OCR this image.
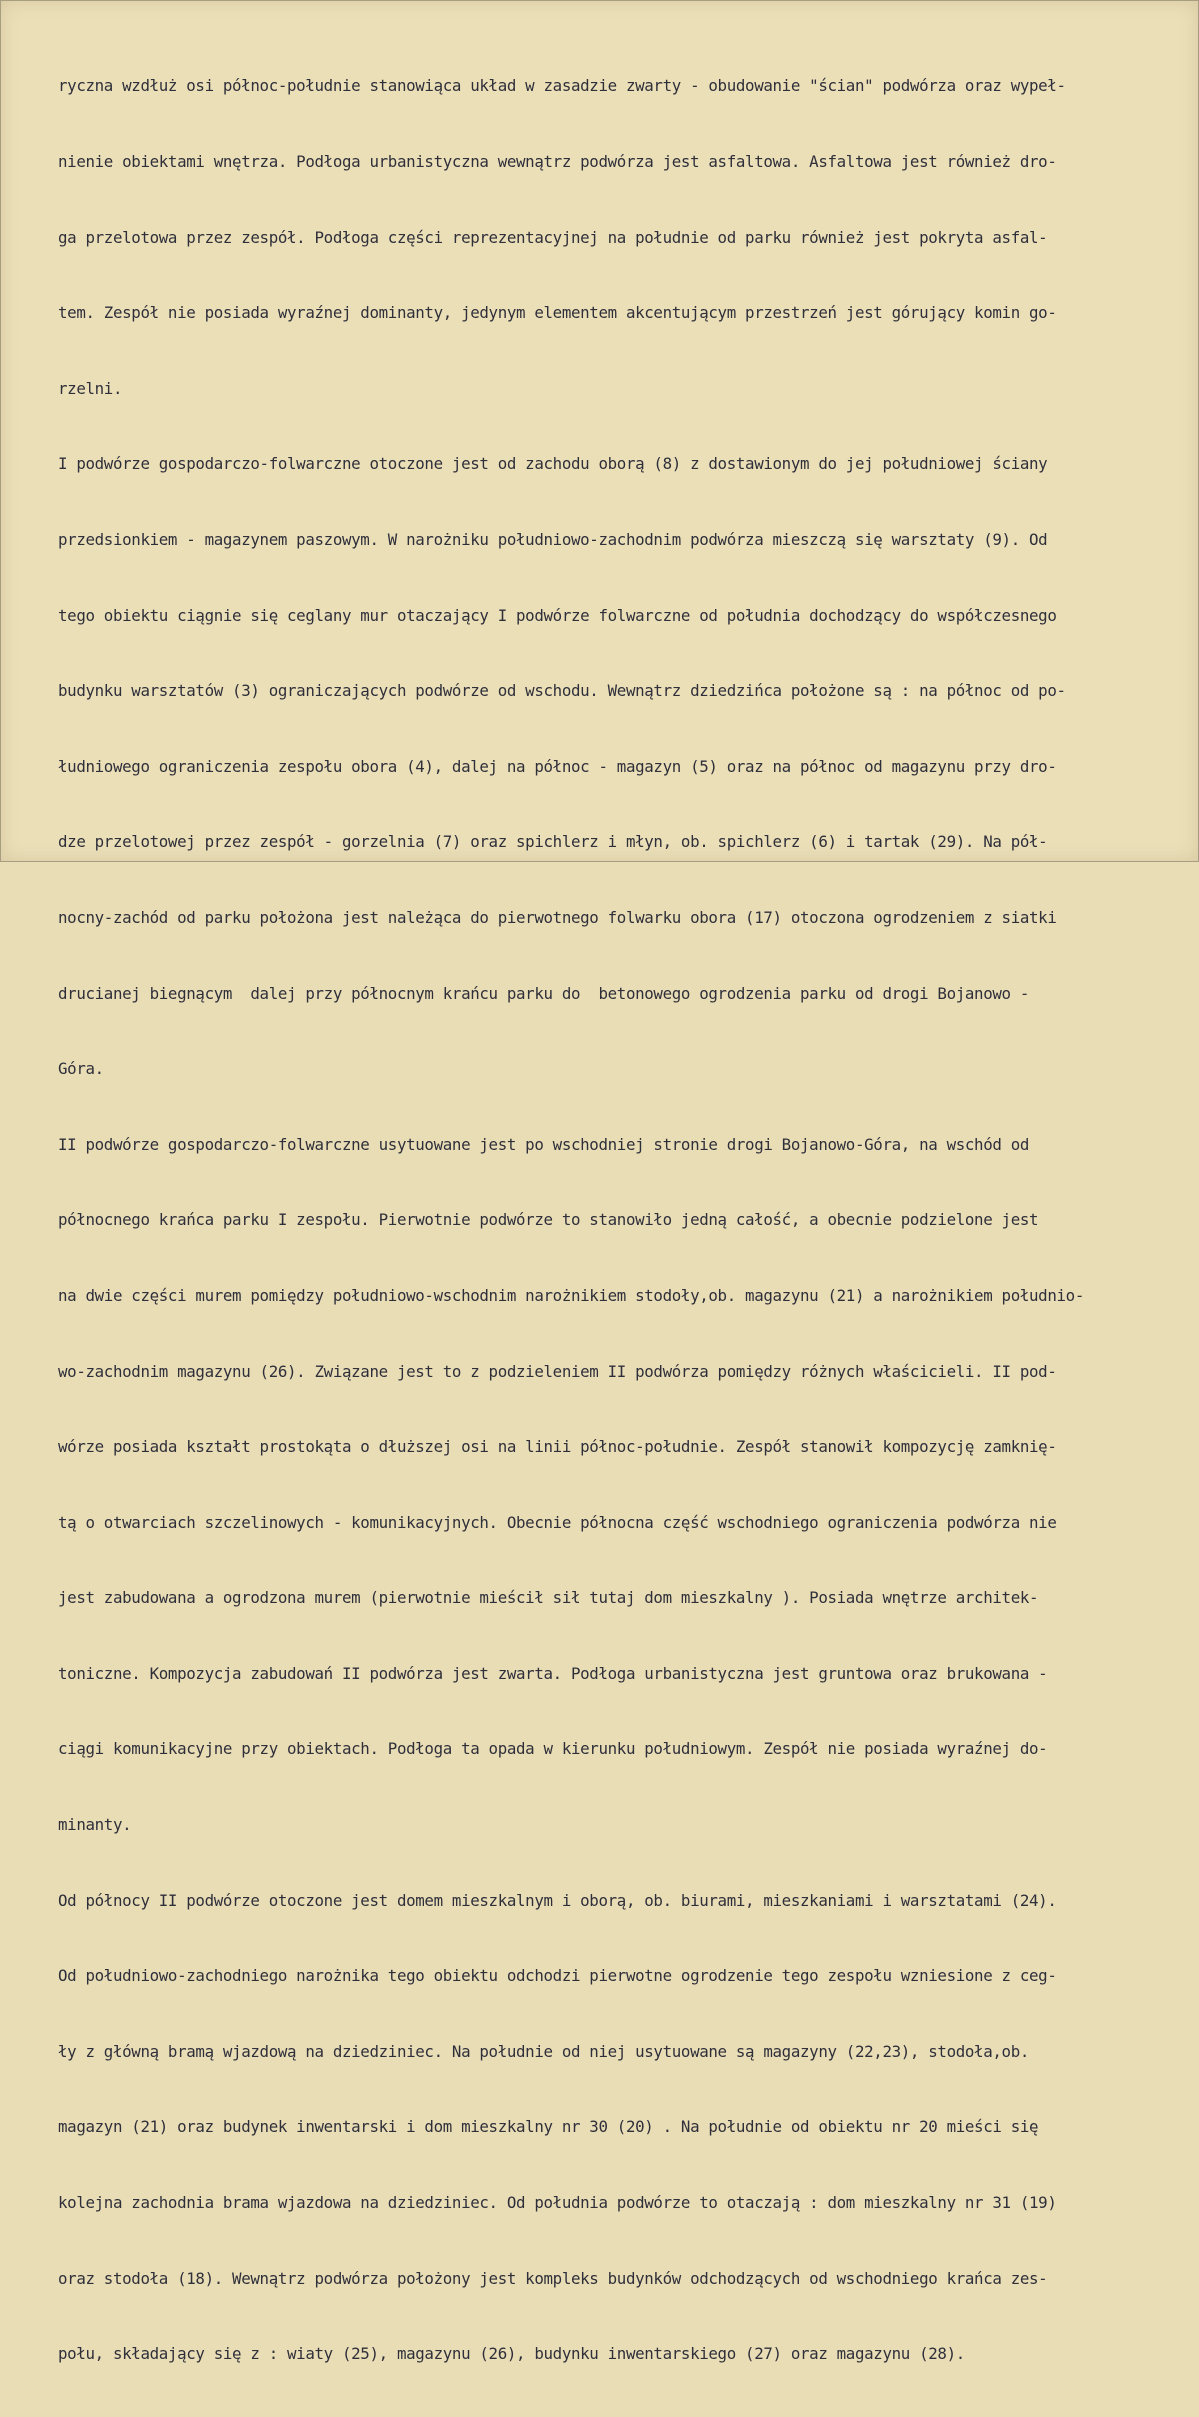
ryczna wzdłuż osi północ-południe stanowiąca układ w zasadzie zwarty - obudowanie "ścian" podwórza oraz wypeł-

nienie obiektami wnętrza. Podłoga urbanistyczna wewnątrz podwórza jest asfaltowa. Asfaltowa jest również dro-

ga przelotowa przez zespół. Podłoga części reprezentacyjnej na południe od parku również jest pokryta asfal-

tem. Zespół nie posiada wyraźnej dominanty, jedynym elementem akcentującym przestrzeń jest górujący komin go-

rzelni.

I podwórze gospodarczo-folwarczne otoczone jest od zachodu oborą (8) z dostawionym do jej południowej ściany

przedsionkiem - magazynem paszowym. W narożniku południowo-zachodnim podwórza mieszczą się warsztaty (9). Od

tego obiektu ciągnie się ceglany mur otaczający I podwórze folwarczne od południa dochodzący do współczesnego

budynku warsztatów (3) ograniczających podwórze od wschodu. Wewnątrz dziedzińca położone są : na północ od po-

łudniowego ograniczenia zespołu obora (4), dalej na północ - magazyn (5) oraz na północ od magazynu przy dro-

dze przelotowej przez zespół - gorzelnia (7) oraz spichlerz i młyn, ob. spichlerz (6) i tartak (29). Na pół-

nocny-zachód od parku położona jest należąca do pierwotnego folwarku obora (17) otoczona ogrodzeniem z siatki

drucianej biegnącym  dalej przy północnym krańcu parku do  betonowego ogrodzenia parku od drogi Bojanowo -

Góra.

II podwórze gospodarczo-folwarczne usytuowane jest po wschodniej stronie drogi Bojanowo-Góra, na wschód od

północnego krańca parku I zespołu. Pierwotnie podwórze to stanowiło jedną całość, a obecnie podzielone jest

na dwie części murem pomiędzy południowo-wschodnim narożnikiem stodoły,ob. magazynu (21) a narożnikiem południo-

wo-zachodnim magazynu (26). Związane jest to z podzieleniem II podwórza pomiędzy różnych właścicieli. II pod-

wórze posiada kształt prostokąta o dłuższej osi na linii północ-południe. Zespół stanowił kompozycję zamknię-

tą o otwarciach szczelinowych - komunikacyjnych. Obecnie północna część wschodniego ograniczenia podwórza nie

jest zabudowana a ogrodzona murem (pierwotnie mieścił sił tutaj dom mieszkalny ). Posiada wnętrze architek-

toniczne. Kompozycja zabudowań II podwórza jest zwarta. Podłoga urbanistyczna jest gruntowa oraz brukowana -

ciągi komunikacyjne przy obiektach. Podłoga ta opada w kierunku południowym. Zespół nie posiada wyraźnej do-

minanty.

Od północy II podwórze otoczone jest domem mieszkalnym i oborą, ob. biurami, mieszkaniami i warsztatami (24).

Od południowo-zachodniego narożnika tego obiektu odchodzi pierwotne ogrodzenie tego zespołu wzniesione z ceg-

ły z główną bramą wjazdową na dziedziniec. Na południe od niej usytuowane są magazyny (22,23), stodoła,ob.

magazyn (21) oraz budynek inwentarski i dom mieszkalny nr 30 (20) . Na południe od obiektu nr 20 mieści się

kolejna zachodnia brama wjazdowa na dziedziniec. Od południa podwórze to otaczają : dom mieszkalny nr 31 (19)

oraz stodoła (18). Wewnątrz podwórza położony jest kompleks budynków odchodzących od wschodniego krańca zes-

połu, składający się z : wiaty (25), magazynu (26), budynku inwentarskiego (27) oraz magazynu (28).
